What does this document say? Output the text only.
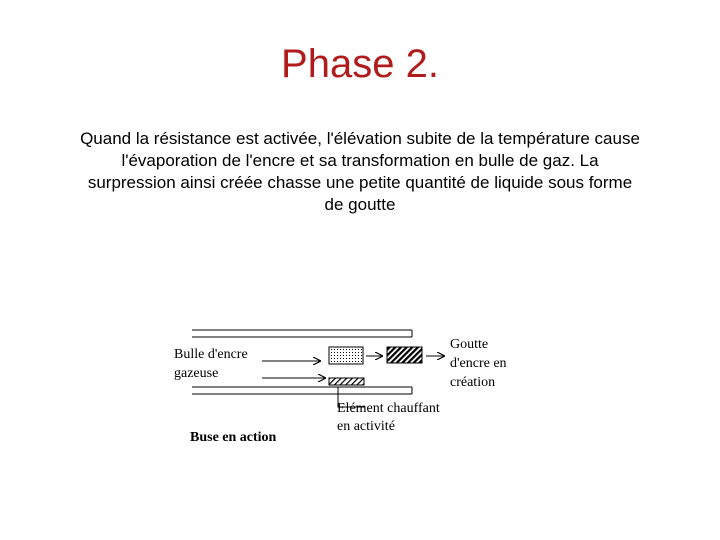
Phase 2.
Quand la résistance est activée, l'élévation subite de la température cause
l'évaporation de l'encre et sa transformation en bulle de gaz. La
surpression ainsi créée chasse une petite quantité de liquide sous forme
de goutte
Bulle d'encre
gazeuse
Goutte
d'encre en
création
Elément chauffant
en activité
Buse en action
